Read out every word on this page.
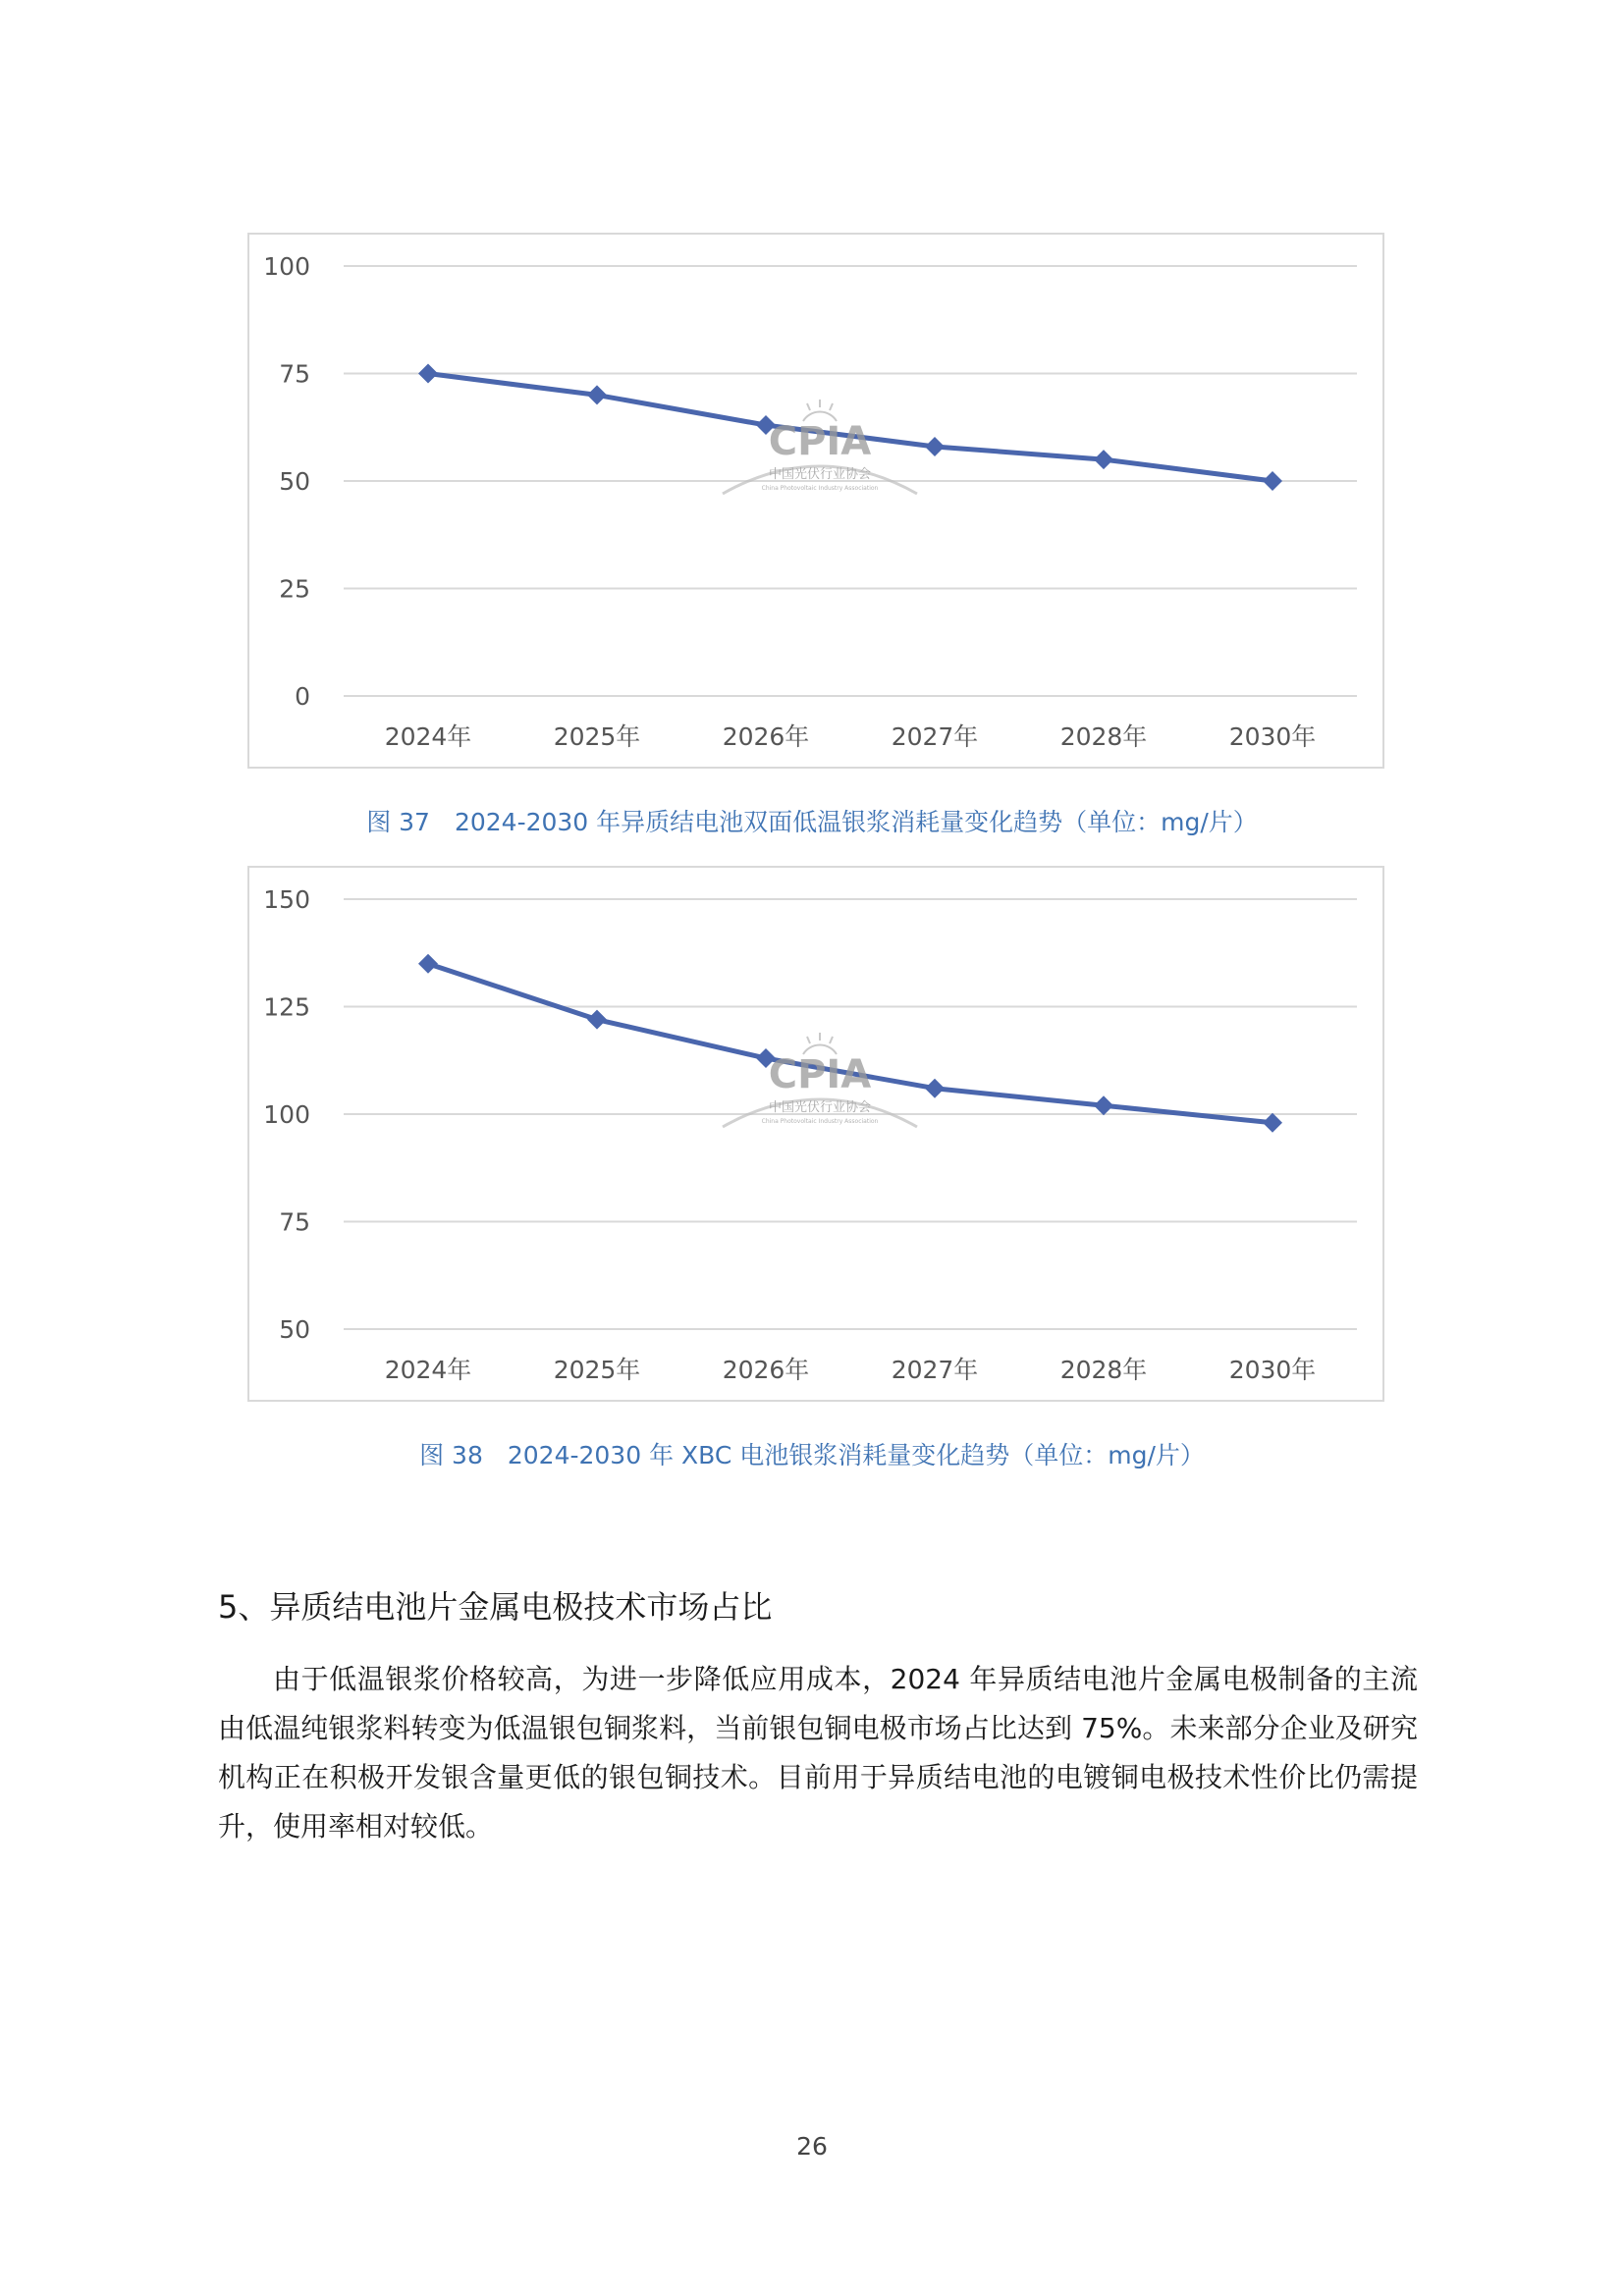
0
25
50
75
100
2024年	2025年	2026年	2027年	2028年	2030年
CPIA
中国光伏行业协会
China Photovoltaic Industry Association
图 37　2024-2030 年异质结电池双面低温银浆消耗量变化趋势（单位：mg/片）
50
75
100
125
150
2024年	2025年	2026年	2027年	2028年	2030年
CPIA
中国光伏行业协会
China Photovoltaic Industry Association
图 38　2024-2030 年 XBC 电池银浆消耗量变化趋势（单位：mg/片）
5、异质结电池片金属电极技术市场占比

由于低温银浆价格较高，为进一步降低应用成本，2024 年异质结电池片金属电极制备的主流由低温纯银浆料转变为低温银包铜浆料，当前银包铜电极市场占比达到 75%。未来部分企业及研究机构正在积极开发银含量更低的银包铜技术。目前用于异质结电池的电镀铜电极技术性价比仍需提升，使用率相对较低。

26
